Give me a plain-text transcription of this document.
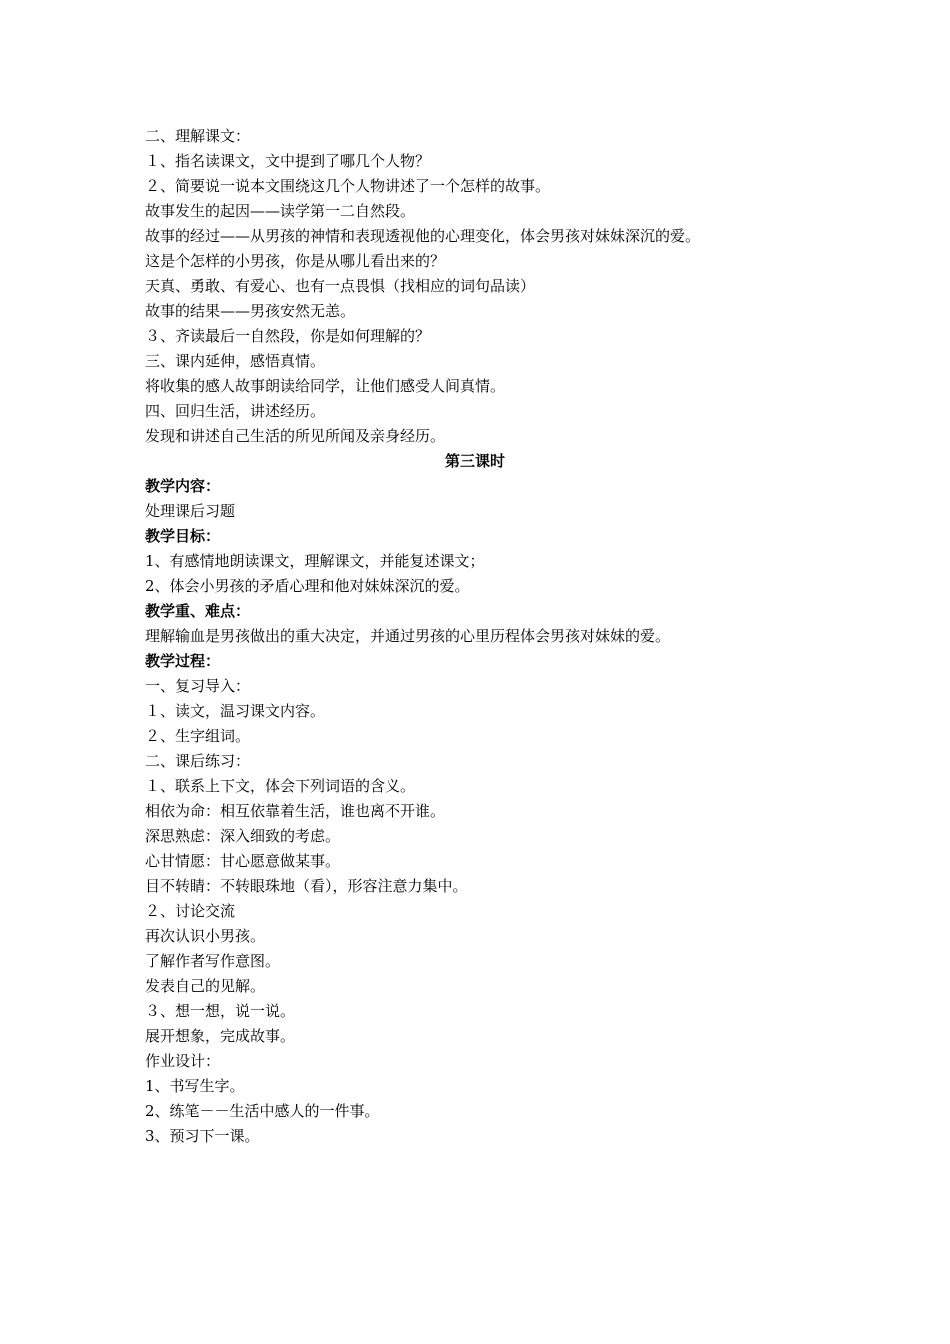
二、理解课文：
１、指名读课文，文中提到了哪几个人物？
２、简要说一说本文围绕这几个人物讲述了一个怎样的故事。
故事发生的起因——读学第一二自然段。
故事的经过——从男孩的神情和表现透视他的心理变化，体会男孩对妹妹深沉的爱。
这是个怎样的小男孩，你是从哪儿看出来的？
天真、勇敢、有爱心、也有一点畏惧（找相应的词句品读）
故事的结果——男孩安然无恙。
３、齐读最后一自然段，你是如何理解的？
三、课内延伸，感悟真情。
将收集的感人故事朗读给同学，让他们感受人间真情。
四、回归生活，讲述经历。
发现和讲述自己生活的所见所闻及亲身经历。
第三课时
教学内容：
处理课后习题
教学目标：
1、有感情地朗读课文，理解课文，并能复述课文；
2、体会小男孩的矛盾心理和他对妹妹深沉的爱。
教学重、难点：
理解输血是男孩做出的重大决定，并通过男孩的心里历程体会男孩对妹妹的爱。
教学过程：
一、复习导入：
１、读文，温习课文内容。
２、生字组词。
二、课后练习：
１、联系上下文，体会下列词语的含义。
相依为命：相互依靠着生活，谁也离不开谁。
深思熟虑：深入细致的考虑。
心甘情愿：甘心愿意做某事。
目不转睛：不转眼珠地（看），形容注意力集中。
２、讨论交流
再次认识小男孩。
了解作者写作意图。
发表自己的见解。
３、想一想，说一说。
展开想象，完成故事。
作业设计：
1、书写生字。
2、练笔－－生活中感人的一件事。
3、预习下一课。
